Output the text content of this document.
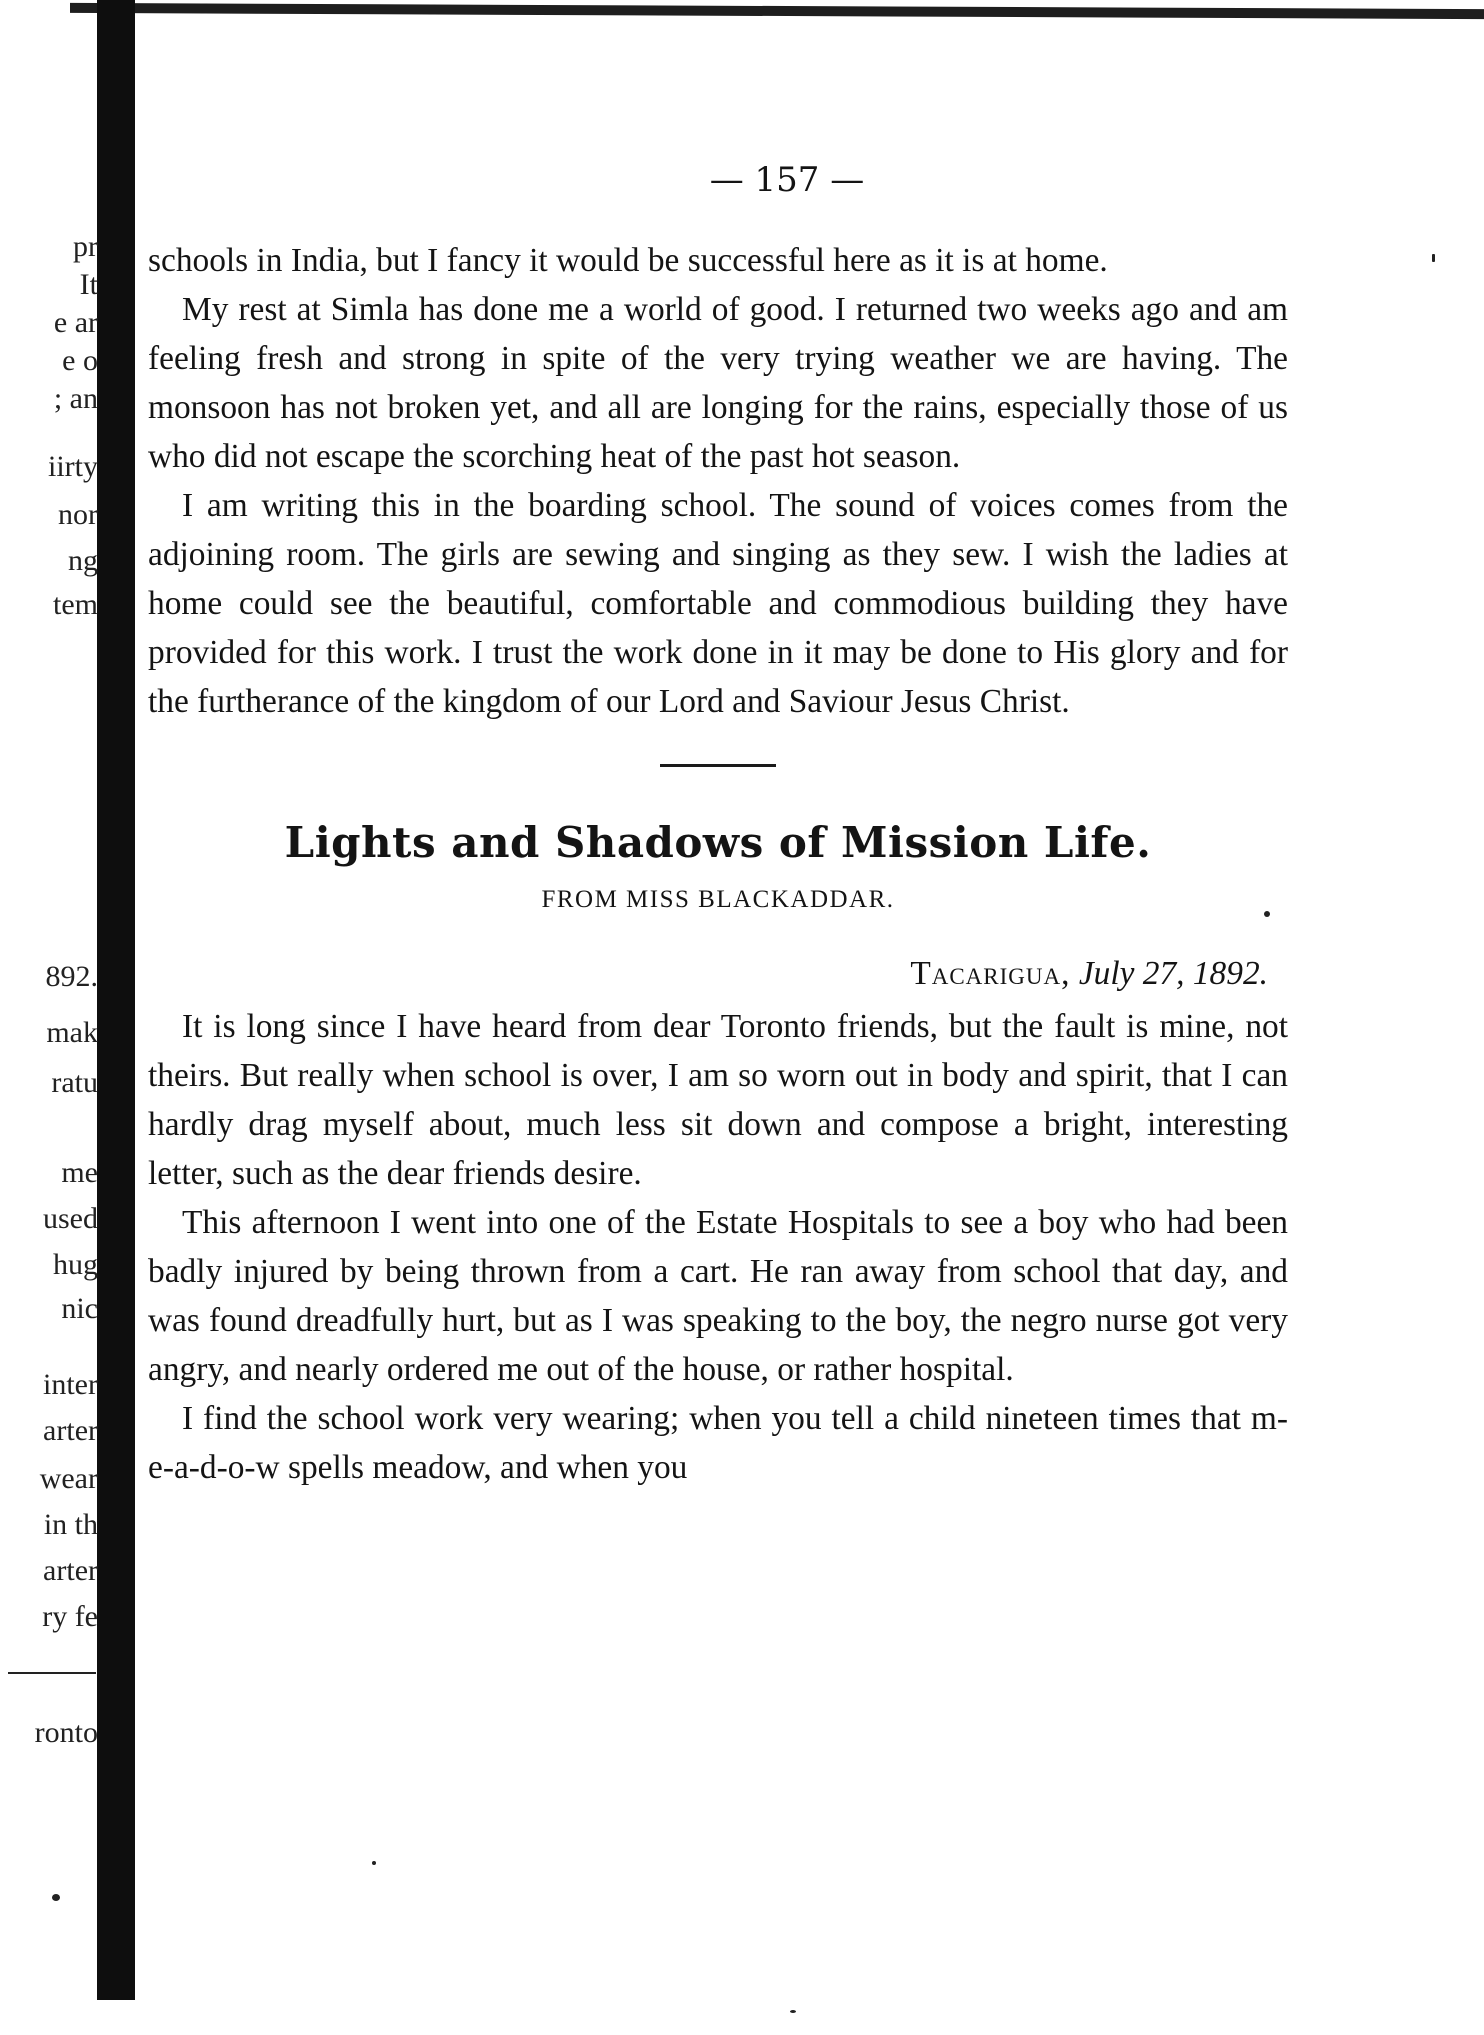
pr
It
e ar
e o
; an
iirty
nor
ng
tem
892.
mak
ratu
me
used
hug
nic
inter
arter
wear
in th
arter
ry fe
ronto
— 157 —

schools in India, but I fancy it would be successful here as it is at home.

My rest at Simla has done me a world of good. I returned two weeks ago and am feeling fresh and strong in spite of the very trying weather we are having. The monsoon has not broken yet, and all are longing for the rains, especially those of us who did not escape the scorching heat of the past hot season.

I am writing this in the boarding school. The sound of voices comes from the adjoining room. The girls are sewing and singing as they sew. I wish the ladies at home could see the beautiful, comfortable and commodious building they have provided for this work. I trust the work done in it may be done to His glory and for the furtherance of the kingdom of our Lord and Saviour Jesus Christ.

Lights and Shadows of Mission Life.
FROM MISS BLACKADDAR.
Tacarigua, July 27, 1892.

It is long since I have heard from dear Toronto friends, but the fault is mine, not theirs. But really when school is over, I am so worn out in body and spirit, that I can hardly drag myself about, much less sit down and compose a bright, interesting letter, such as the dear friends desire.

This afternoon I went into one of the Estate Hospitals to see a boy who had been badly injured by being thrown from a cart. He ran away from school that day, and was found dreadfully hurt, but as I was speaking to the boy, the negro nurse got very angry, and nearly ordered me out of the house, or rather hospital.

I find the school work very wearing; when you tell a child nineteen times that m-e-a-d-o-w spells meadow, and when you
